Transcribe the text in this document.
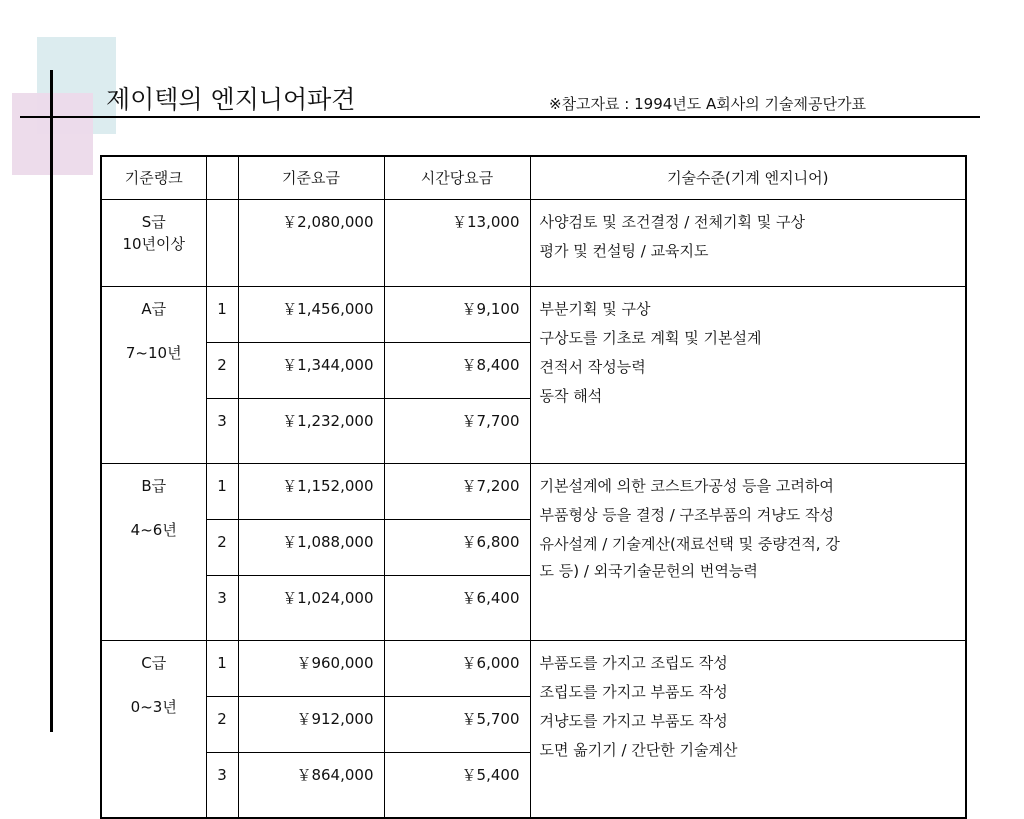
제이텍의 엔지니어파견	※참고자료 : 1994년도 A회사의 기술제공단가표
기준랭크		기준요금	시간당요금	기술수준(기계 엔지니어)

S급
10년이상		￥2,080,000	￥13,000	사양검토 및 조건결정 / 전체기획 및 구상
평가 및 컨설팅 / 교육지도

A급
7~10년	1	￥1,456,000	￥9,100	부분기획 및 구상
구상도를 기초로 계획 및 기본설계
견적서 작성능력
동작 해석

	2	￥1,344,000	￥8,400	
	3	￥1,232,000	￥7,700	

B급
4~6년	1	￥1,152,000	￥7,200	기본설계에 의한 코스트가공성 등을 고려하여
부품형상 등을 결정 / 구조부품의 겨냥도 작성
유사설계 / 기술계산(재료선택 및 중량견적, 강
도 등) / 외국기술문헌의 번역능력

	2	￥1,088,000	￥6,800	
	3	￥1,024,000	￥6,400	

C급
0~3년	1	￥960,000	￥6,000	부품도를 가지고 조립도 작성
조립도를 가지고 부품도 작성
겨냥도를 가지고 부품도 작성
도면 옮기기 / 간단한 기술계산

	2	￥912,000	￥5,700	
	3	￥864,000	￥5,400	
